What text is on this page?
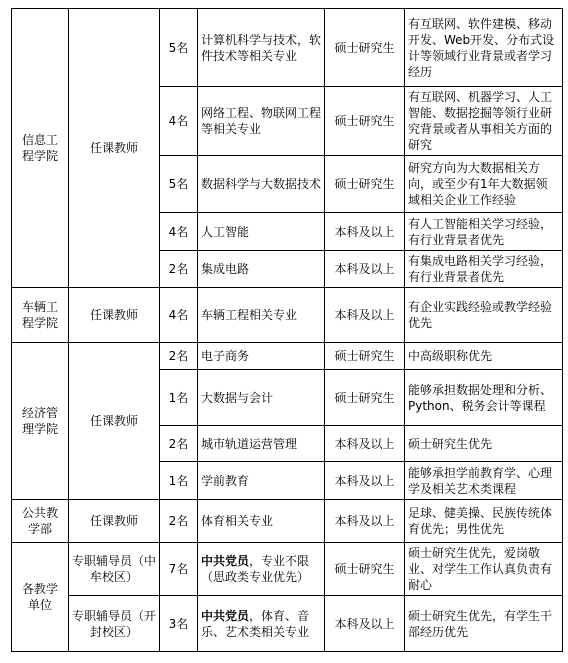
信息工程学院	任课教师	5名	计算机科学与技术，软件技术等相关专业	硕士研究生	有互联网、软件建模、移动开发、Web开发、分布式设计等领域行业背景或者学习经历
		4名	网络工程、物联网工程等相关专业	硕士研究生	有互联网、机器学习、人工智能、数据挖掘等领行业研究背景或者从事相关方面的研究
		5名	数据科学与大数据技术	硕士研究生	研究方向为大数据相关方向，或至少有1年大数据领域相关企业工作经验
		4名	人工智能	本科及以上	有人工智能相关学习经验，有行业背景者优先
		2名	集成电路	本科及以上	有集成电路相关学习经验，有行业背景者优先
车辆工程学院	任课教师	4名	车辆工程相关专业	本科及以上	有企业实践经验或教学经验优先
经济管理学院	任课教师	2名	电子商务	硕士研究生	中高级职称优先
		1名	大数据与会计	硕士研究生	能够承担数据处理和分析、Python、税务会计等课程
		2名	城市轨道运营管理	本科及以上	硕士研究生优先
		1名	学前教育	本科及以上	能够承担学前教育学、心理学及相关艺术类课程
公共教学部	任课教师	2名	体育相关专业	本科及以上	足球、健美操、民族传统体育优先；男性优先
各教学单位	专职辅导员（中牟校区）	7名	中共党员，专业不限（思政类专业优先）	硕士研究生	硕士研究生优先，爱岗敬业、对学生工作认真负责有耐心
	专职辅导员（开封校区）	3名	中共党员，体育、音乐、艺术类相关专业	本科及以上	硕士研究生优先，有学生干部经历优先
